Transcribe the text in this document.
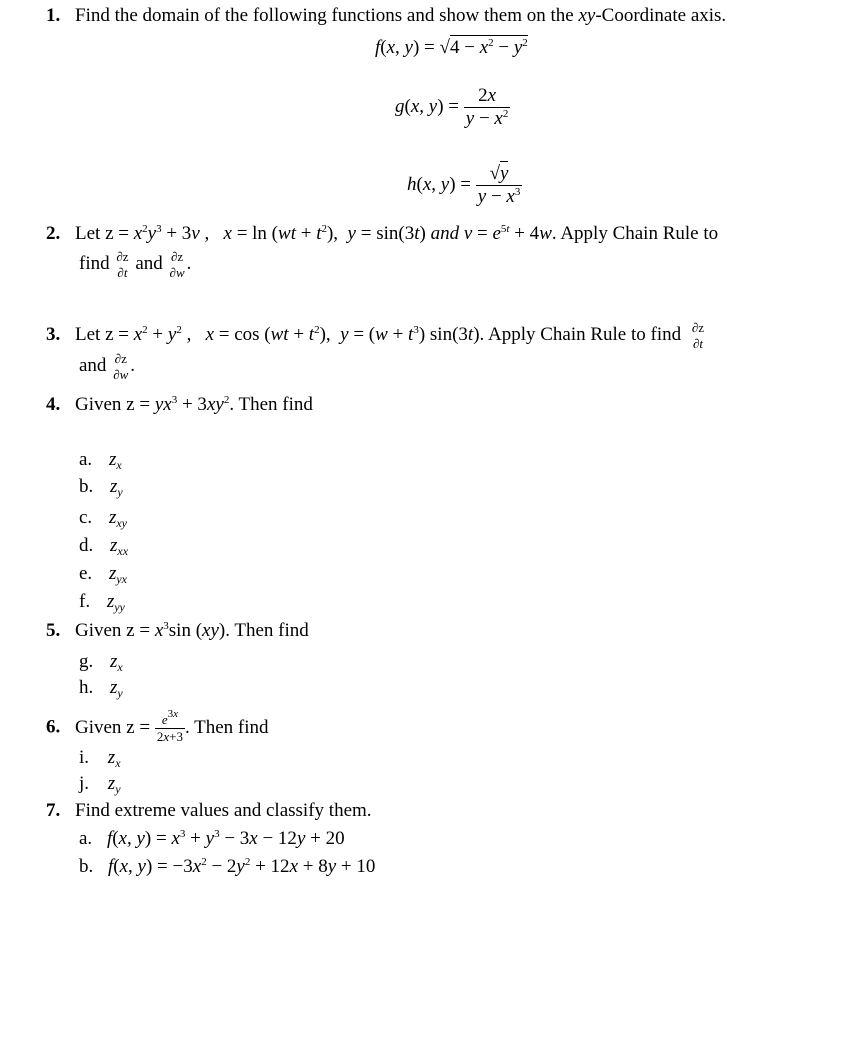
1. Find the domain of the following functions and show them on the xy-Coordinate axis.
f(x, $y) = √4 - x^2 - y^2$
g(x, $y) = \frac{2x}{y - x^2}$
h(x, $y) = \frac{√y}{y - x^3}$
2. Let $z = x^2y^3 + 3v$ ,   $x = \ln (wt + t^2)$,  y = sin(3t) and $v = e^{5t} + 4w$. Apply Chain Rule to
find ∂z
∂t and ∂z
∂w .
3. Let $z = x^2 + y^2$ ,   $x = \cos (wt + t^2)$,  $y = (w + t^3)$ sin(3t). Apply Chain Rule to find ∂z
∂t
and ∂z
∂w .
4. Given $z = yx^3 + 3xy^2$. Then find
a. $z_x$
b. $z_y$
c. $z_{xy}$
d. $z_{xx}$
e. $z_{yx}$
f. $z_{yy}$
5. Given $z = x^3\sin$ (xy). Then find
g. $z_x$
h. $z_y$
6. Given $z = \frac{e^{3x}}{2x+3}$ . Then find
i. $z_x$
j. $z_y$
7. Find extreme values and classify them.
a. f(x, $y) = x^3 + y^3 - 3x - 12y + 20$
b. f(x, $y) = -3x^2 - 2y^2 + 12x + 8y + 10$
